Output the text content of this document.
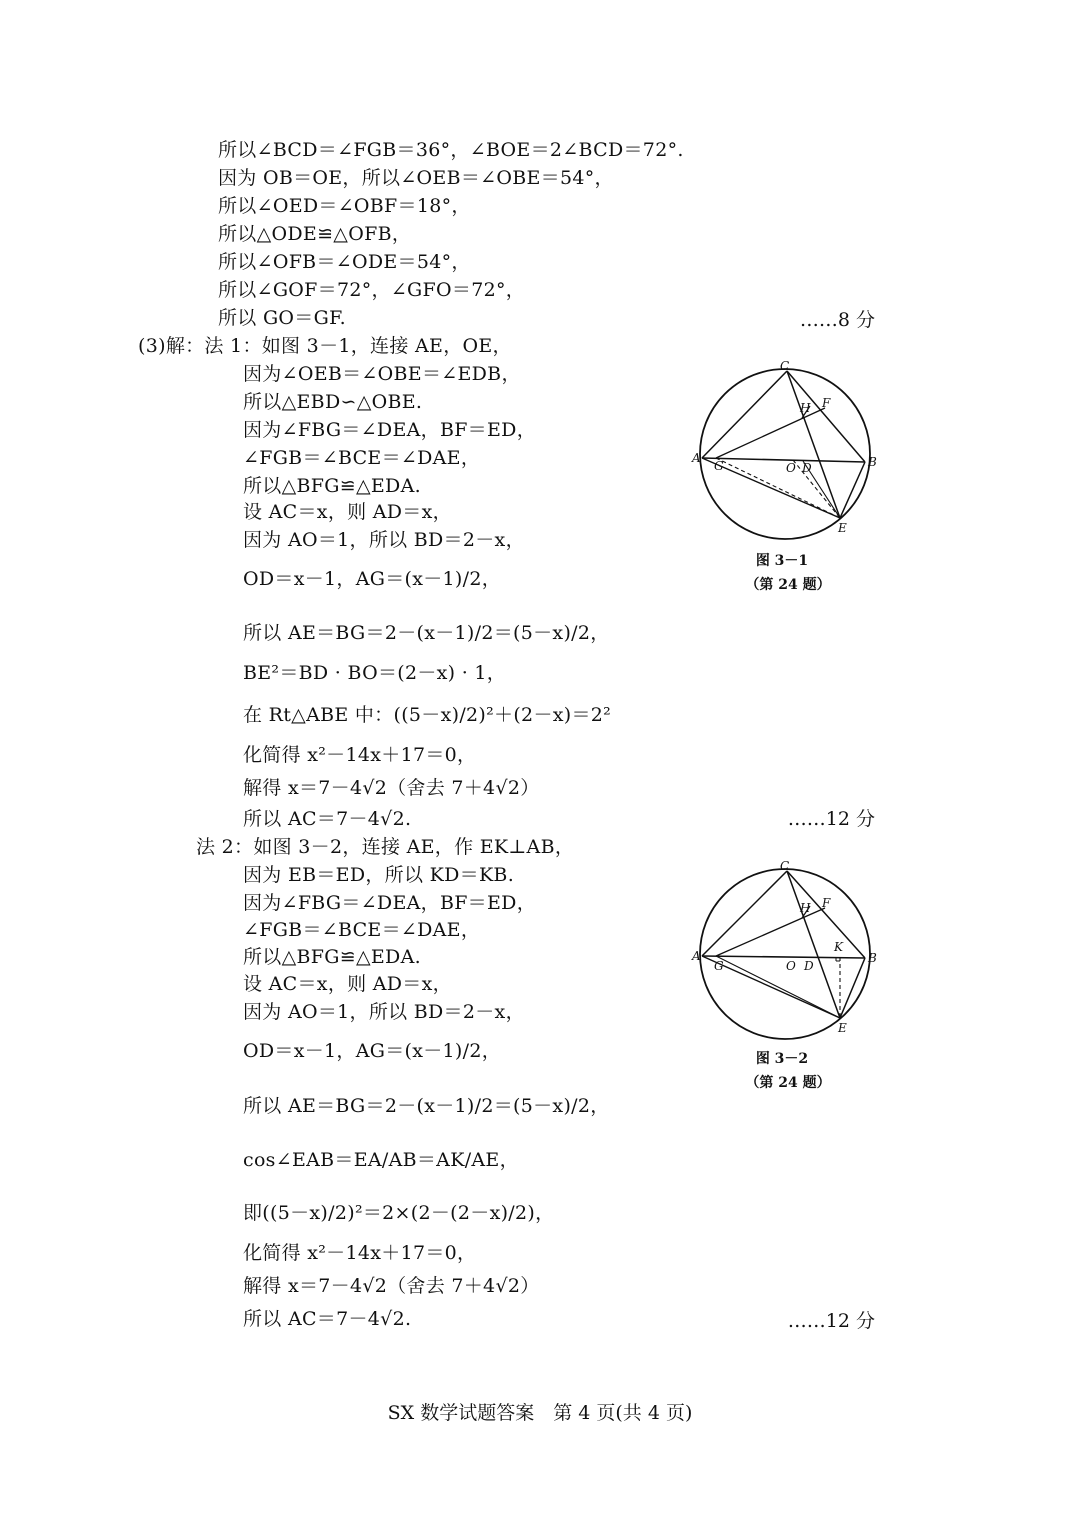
所以∠BCD＝∠FGB＝36°，∠BOE＝2∠BCD＝72°.
因为 OB＝OE，所以∠OEB＝∠OBE＝54°，
所以∠OED＝∠OBF＝18°，
所以△ODE≌△OFB，
所以∠OFB＝∠ODE＝54°，
所以∠GOF＝72°，∠GFO＝72°，
所以 GO＝GF.	……8 分
(3)解：法 1：如图 3－1，连接 AE，OE，
因为∠OEB＝∠OBE＝∠EDB，
所以△EBD∽△OBE.
因为∠FBG＝∠DEA，BF＝ED，
∠FGB＝∠BCE＝∠DAE，
所以△BFG≌△EDA.
设 AC＝x，则 AD＝x，
因为 AO＝1，所以 BD＝2－x，
OD＝x－1，AG＝(x－1)/2，
所以 AE＝BG＝2－(x－1)/2＝(5－x)/2，
BE²＝BD · BO＝(2－x) · 1，
在 Rt△ABE 中：((5－x)/2)²＋(2－x)＝2²
化简得 x²－14x＋17＝0，
解得 x＝7－4√2（舍去 7＋4√2）
所以 AC＝7－4√2.	……12 分
C
H F
A
G	O D	B
E
图 3－1
（第 24 题）
法 2：如图 3－2，连接 AE，作 EK⊥AB，
因为 EB＝ED，所以 KD＝KB.
因为∠FBG＝∠DEA，BF＝ED，
∠FGB＝∠BCE＝∠DAE，
所以△BFG≌△EDA.
设 AC＝x，则 AD＝x，
因为 AO＝1，所以 BD＝2－x，
OD＝x－1，AG＝(x－1)/2，
所以 AE＝BG＝2－(x－1)/2＝(5－x)/2，
cos∠EAB＝EA/AB＝AK/AE，
即((5－x)/2)²＝2×(2－(2－x)/2)，
化简得 x²－14x＋17＝0，
解得 x＝7－4√2（舍去 7＋4√2）
所以 AC＝7－4√2.	……12 分
C
H F
A
G	O D
K
B
E
图 3－2
（第 24 题）
SX 数学试题答案　第 4 页(共 4 页)
